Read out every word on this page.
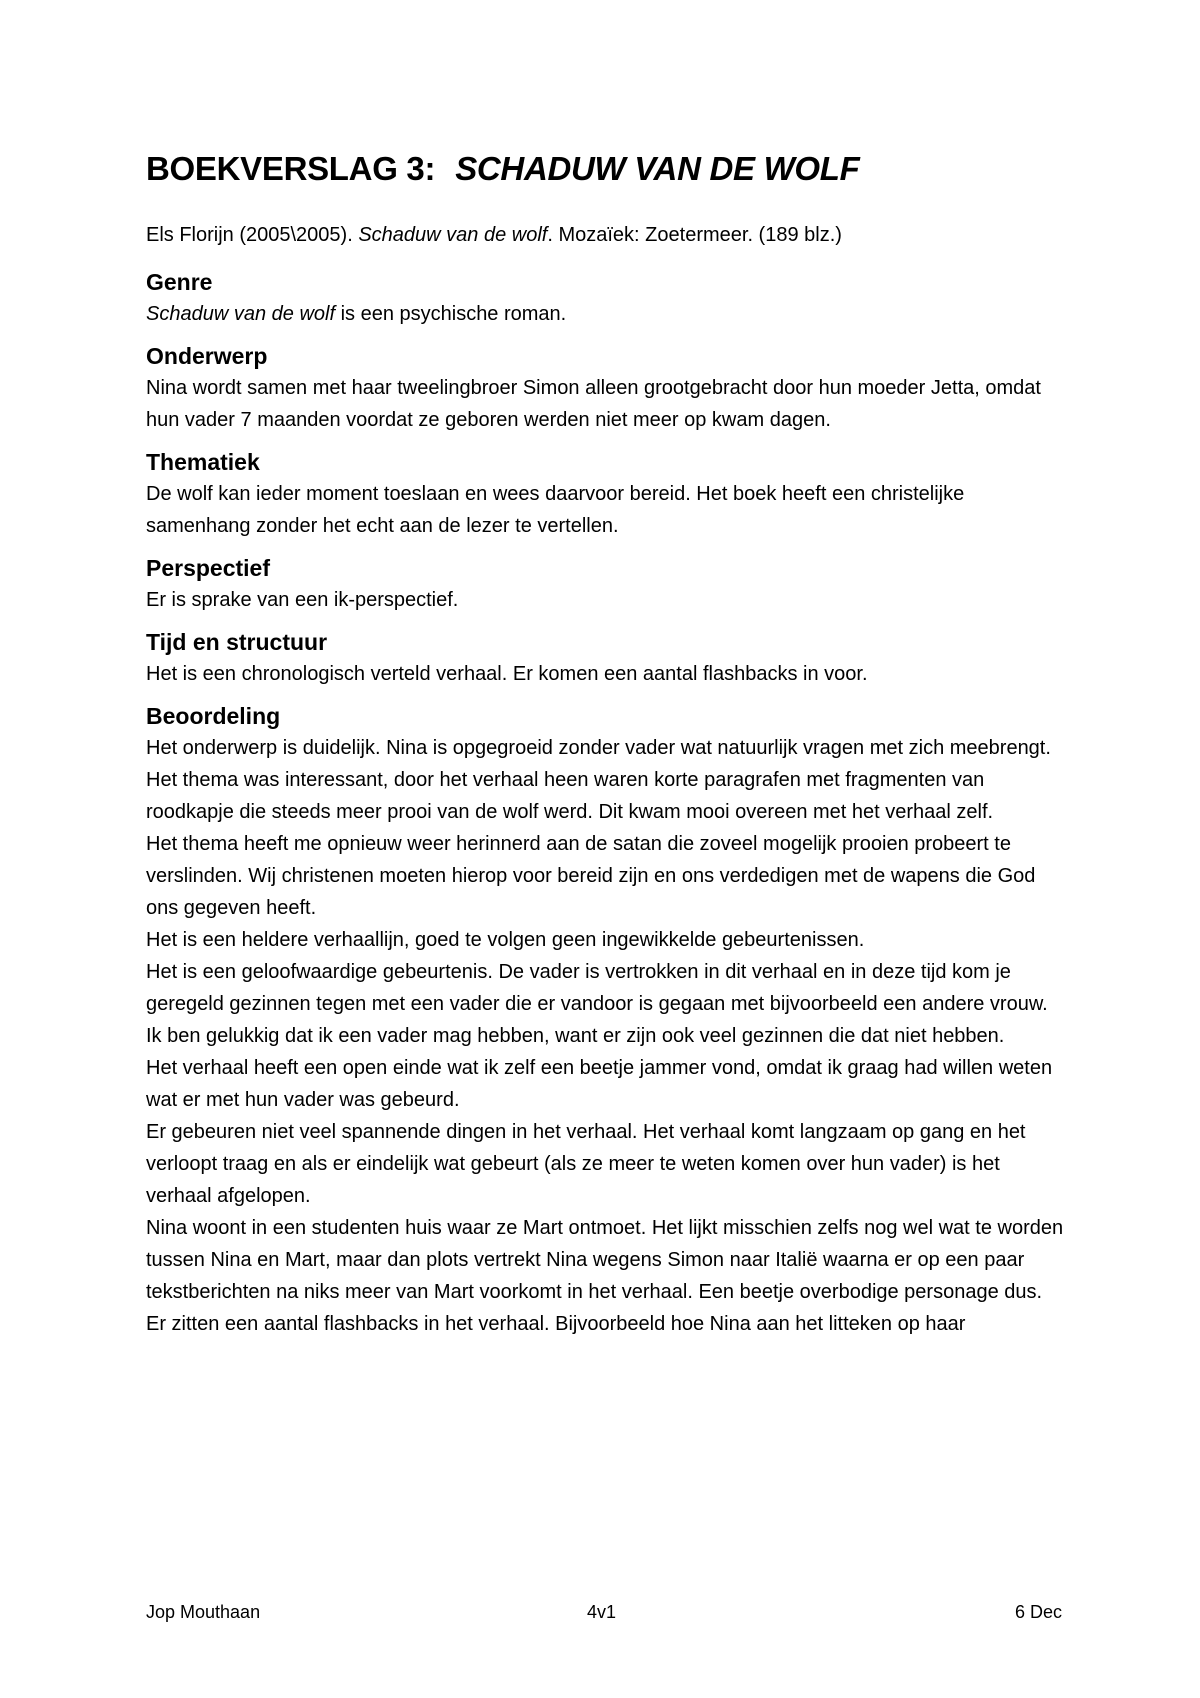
BOEKVERSLAG 3: SCHADUW VAN DE WOLF

Els Florijn (2005\2005). Schaduw van de wolf. Mozaïek: Zoetermeer. (189 blz.)

Genre

Schaduw van de wolf is een psychische roman.

Onderwerp

Nina wordt samen met haar tweelingbroer Simon alleen grootgebracht door hun moeder Jetta, omdat hun vader 7 maanden voordat ze geboren werden niet meer op kwam dagen.

Thematiek

De wolf kan ieder moment toeslaan en wees daarvoor bereid. Het boek heeft een christelijke samenhang zonder het echt aan de lezer te vertellen.

Perspectief

Er is sprake van een ik-perspectief.

Tijd en structuur

Het is een chronologisch verteld verhaal. Er komen een aantal flashbacks in voor.

Beoordeling

Het onderwerp is duidelijk. Nina is opgegroeid zonder vader wat natuurlijk vragen met zich meebrengt. Het thema was interessant, door het verhaal heen waren korte paragrafen met fragmenten van roodkapje die steeds meer prooi van de wolf werd. Dit kwam mooi overeen met het verhaal zelf.

Het thema heeft me opnieuw weer herinnerd aan de satan die zoveel mogelijk prooien probeert te verslinden. Wij christenen moeten hierop voor bereid zijn en ons verdedigen met de wapens die God ons gegeven heeft.

Het is een heldere verhaallijn, goed te volgen geen ingewikkelde gebeurtenissen.

Het is een geloofwaardige gebeurtenis. De vader is vertrokken in dit verhaal en in deze tijd kom je geregeld gezinnen tegen met een vader die er vandoor is gegaan met bijvoorbeeld een andere vrouw.

Ik ben gelukkig dat ik een vader mag hebben, want er zijn ook veel gezinnen die dat niet hebben.

Het verhaal heeft een open einde wat ik zelf een beetje jammer vond, omdat ik graag had willen weten wat er met hun vader was gebeurd.

Er gebeuren niet veel spannende dingen in het verhaal. Het verhaal komt langzaam op gang en het verloopt traag en als er eindelijk wat gebeurt (als ze meer te weten komen over hun vader) is het verhaal afgelopen.

Nina woont in een studenten huis waar ze Mart ontmoet. Het lijkt misschien zelfs nog wel wat te worden tussen Nina en Mart, maar dan plots vertrekt Nina wegens Simon naar Italië waarna er op een paar tekstberichten na niks meer van Mart voorkomt in het verhaal. Een beetje overbodige personage dus.

Er zitten een aantal flashbacks in het verhaal. Bijvoorbeeld hoe Nina aan het litteken op haar

Jop Mouthaan	4v1	6 Dec
